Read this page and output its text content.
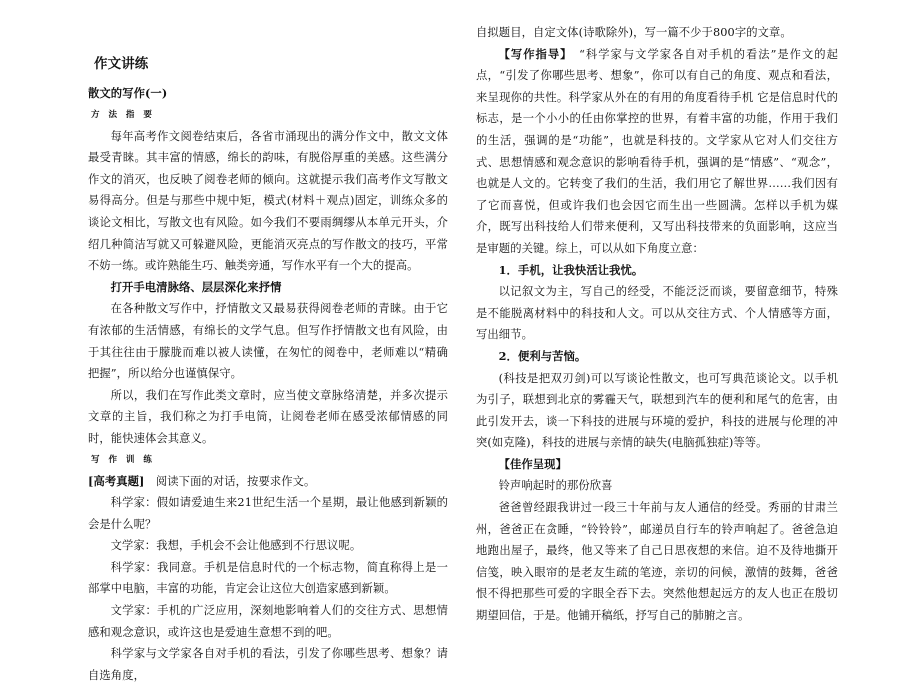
作文讲练

散文的写作(一)

方 法 指 要

每年高考作文阅卷结束后，各省市涌现出的满分作文中，散文文体最受青睐。其丰富的情感，绵长的韵味，有脱俗厚重的美感。这些满分作文的消灭，也反映了阅卷老师的倾向。这就提示我们高考作文写散文易得高分。但是与那些中规中矩，模式(材料＋观点)固定，训练众多的谈论文相比，写散文也有风险。如今我们不要雨绸缪从本单元开头，介绍几种简洁写就又可躲避风险，更能消灭亮点的写作散文的技巧，平常不妨一练。或许熟能生巧、触类旁通，写作水平有一个大的提高。

打开手电清脉络、层层深化来抒情

在各种散文写作中，抒情散文又最易获得阅卷老师的青睐。由于它有浓郁的生活情感，有绵长的文学气息。但写作抒情散文也有风险，由于其往往由于朦胧而难以被人读懂，在匆忙的阅卷中，老师难以“精确　　把握”，所以给分也谨慎保守。

所以，我们在写作此类文章时，应当使文章脉络清楚，并多次提示文章的主旨，我们称之为打手电筒，让阅卷老师在感受浓郁情感的同时，能快速体会其意义。

写 作 训 练

[高考真题]　阅读下面的对话，按要求作文。

科学家：假如请爱迪生来21世纪生活一个星期，最让他感到新颖的会是什么呢？

文学家：我想，手机会不会让他感到不行思议呢。

科学家：我同意。手机是信息时代的一个标志物，简直称得上是一部掌中电脑，丰富的功能，肯定会让这位大创造家感到新颖。

文学家：手机的广泛应用，深刻地影响着人们的交往方式、思想情感和观念意识，或许这也是爱迪生意想不到的吧。

科学家与文学家各自对手机的看法，引发了你哪些思考、想象？请自选角度，

自拟题目，自定文体(诗歌除外)，写一篇不少于800字的文章。

【写作指导】　“科学家与文学家各自对手机的看法”是作文的起点，“引发了你哪些思考、想象”，你可以有自己的角度、观点和看法，来呈现你的共性。科学家从外在的有用的角度看待手机 它是信息时代的标志，是一个小小的任由你掌控的世界，有着丰富的功能，作用于我们的生活，强调的是“功能”，也就是科技的。文学家从它对人们交往方式、思想情感和观念意识的影响看待手机，强调的是“情感”、“观念”，也就是人文的。它转变了我们的生活，我们用它了解世界……我们因有了它而喜悦，但或许我们也会因它而生出一些圆满。怎样以手机为媒介，既写出科技给人们带来便利，又写出科技带来的负面影响，这应当是审题的关键。综上，可以从如下角度立意：

1．手机，让我快活让我忧。

以记叙文为主，写自己的经受，不能泛泛而谈，要留意细节，特殊是不能脱离材料中的科技和人文。可以从交往方式、个人情感等方面，写出细节。

2．便利与苦恼。

(科技是把双刃剑)可以写谈论性散文，也可写典范谈论文。以手机为引子，联想到北京的雾霾天气，联想到汽车的便利和尾气的危害，由此引发开去，谈一下科技的进展与环境的爱护，科技的进展与伦理的冲突(如克隆)，科技的进展与亲情的缺失(电脑孤独症)等等。

【佳作呈现】

铃声响起时的那份欣喜

爸爸曾经跟我讲过一段三十年前与友人通信的经受。秀丽的甘肃兰州，爸爸正在贪睡，“铃铃铃”，邮递员自行车的铃声响起了。爸爸急迫地跑出屋子，最终，他又等来了自己日思夜想的来信。迫不及待地撕开信笺，映入眼帘的是老友生疏的笔迹，亲切的问候，激情的鼓舞，爸爸恨不得把那些可爱的字眼全吞下去。突然他想起远方的友人也正在殷切期望回信，于是。他铺开稿纸，抒写自己的肺腑之言。
